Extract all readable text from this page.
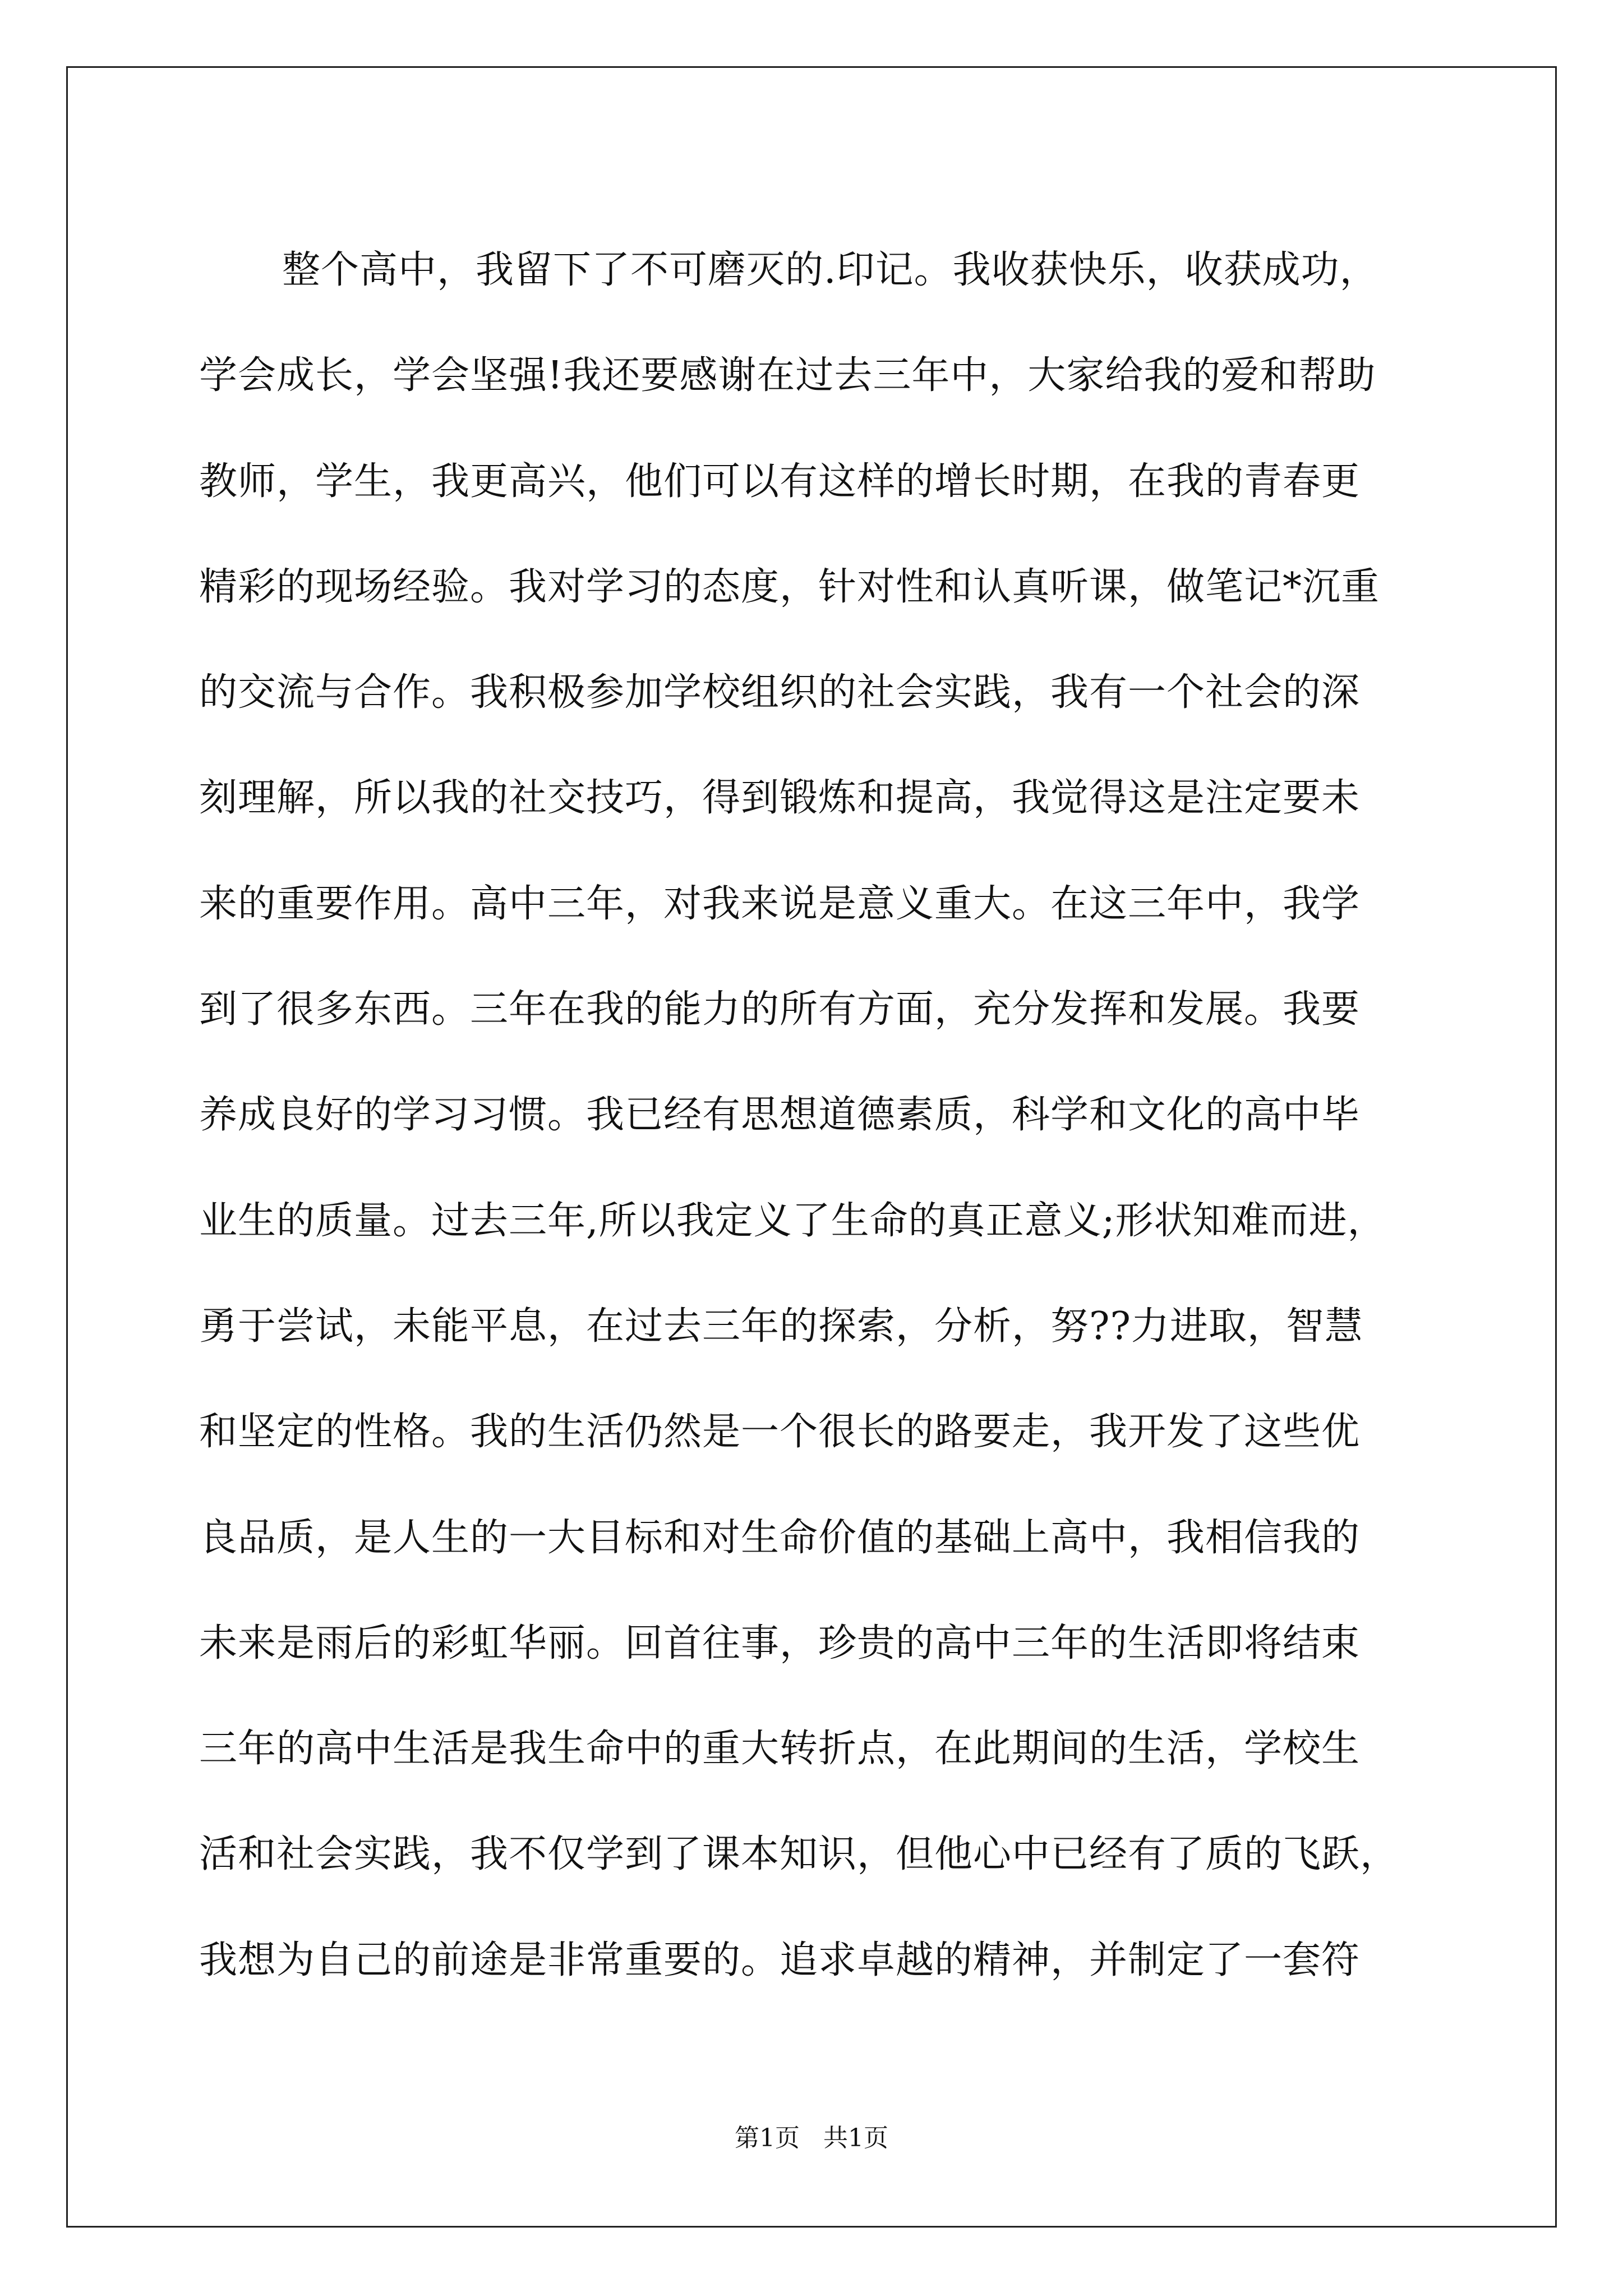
整个高中，我留下了不可磨灭的.印记。我收获快乐，收获成功，
学会成长，学会坚强!我还要感谢在过去三年中，大家给我的爱和帮助
教师，学生，我更高兴，他们可以有这样的增长时期，在我的青春更
精彩的现场经验。我对学习的态度，针对性和认真听课，做笔记*沉重
的交流与合作。我积极参加学校组织的社会实践，我有一个社会的深
刻理解，所以我的社交技巧，得到锻炼和提高，我觉得这是注定要未
来的重要作用。高中三年，对我来说是意义重大。在这三年中，我学
到了很多东西。三年在我的能力的所有方面，充分发挥和发展。我要
养成良好的学习习惯。我已经有思想道德素质，科学和文化的高中毕
业生的质量。过去三年,所以我定义了生命的真正意义;形状知难而进，
勇于尝试，未能平息，在过去三年的探索，分析，努??力进取，智慧
和坚定的性格。我的生活仍然是一个很长的路要走，我开发了这些优
良品质，是人生的一大目标和对生命价值的基础上高中，我相信我的
未来是雨后的彩虹华丽。回首往事，珍贵的高中三年的生活即将结束
三年的高中生活是我生命中的重大转折点，在此期间的生活，学校生
活和社会实践，我不仅学到了课本知识，但他心中已经有了质的飞跃，
我想为自己的前途是非常重要的。追求卓越的精神，并制定了一套符
第1页   共1页
